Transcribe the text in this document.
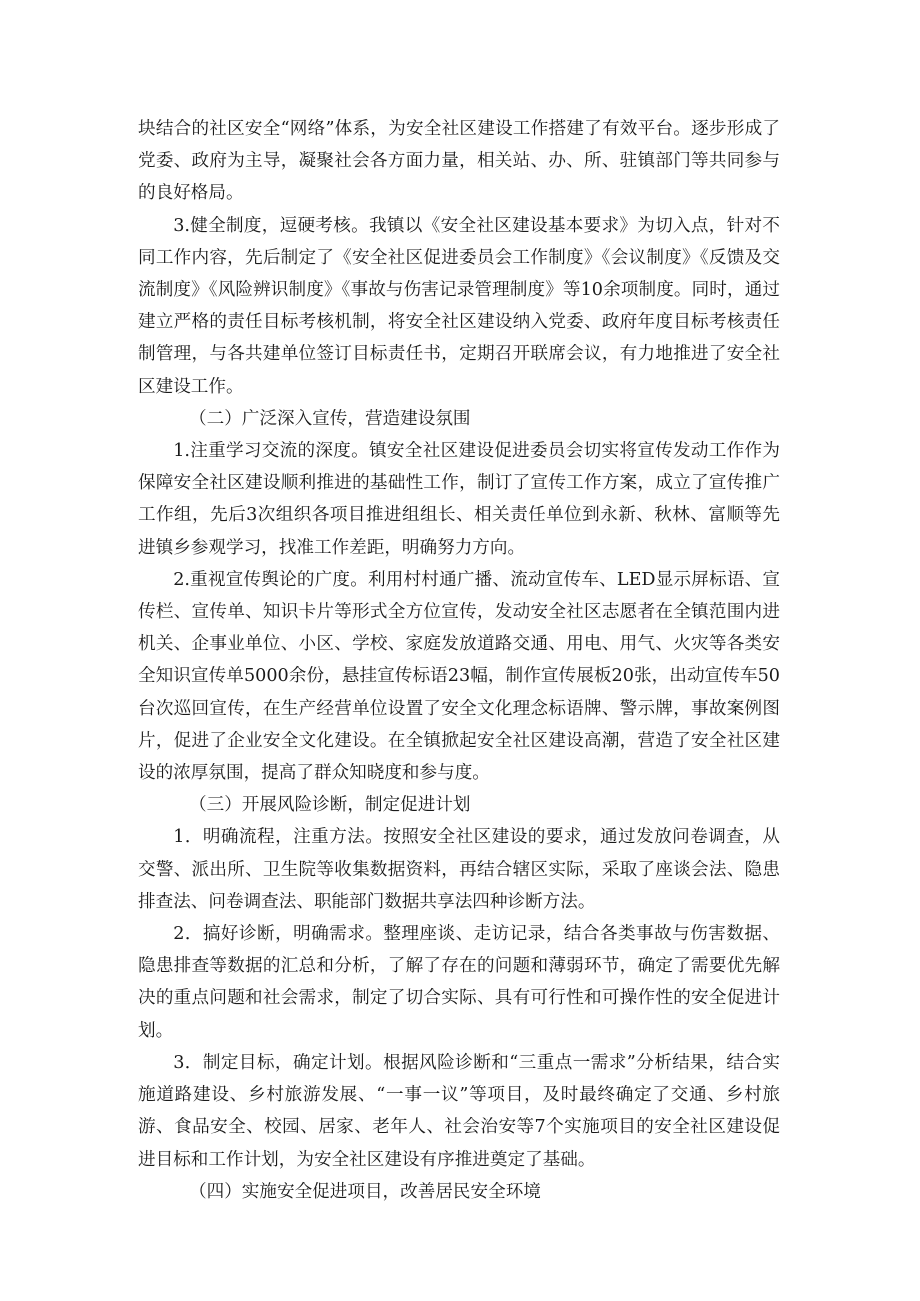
块结合的社区安全“网络”体系，为安全社区建设工作搭建了有效平台。逐步形成了党委、政府为主导，凝聚社会各方面力量，相关站、办、所、驻镇部门等共同参与的良好格局。

3.健全制度，逗硬考核。我镇以《安全社区建设基本要求》为切入点，针对不同工作内容，先后制定了《安全社区促进委员会工作制度》《会议制度》《反馈及交流制度》《风险辨识制度》《事故与伤害记录管理制度》等10余项制度。同时，通过建立严格的责任目标考核机制，将安全社区建设纳入党委、政府年度目标考核责任制管理，与各共建单位签订目标责任书，定期召开联席会议，有力地推进了安全社区建设工作。

（二）广泛深入宣传，营造建设氛围

1.注重学习交流的深度。镇安全社区建设促进委员会切实将宣传发动工作作为保障安全社区建设顺利推进的基础性工作，制订了宣传工作方案，成立了宣传推广工作组，先后3次组织各项目推进组组长、相关责任单位到永新、秋林、富顺等先进镇乡参观学习，找准工作差距，明确努力方向。

2.重视宣传舆论的广度。利用村村通广播、流动宣传车、LED显示屏标语、宣传栏、宣传单、知识卡片等形式全方位宣传，发动安全社区志愿者在全镇范围内进机关、企事业单位、小区、学校、家庭发放道路交通、用电、用气、火灾等各类安全知识宣传单5000余份，悬挂宣传标语23幅，制作宣传展板20张，出动宣传车50台次巡回宣传，在生产经营单位设置了安全文化理念标语牌、警示牌，事故案例图片，促进了企业安全文化建设。在全镇掀起安全社区建设高潮，营造了安全社区建设的浓厚氛围，提高了群众知晓度和参与度。

（三）开展风险诊断，制定促进计划

1．明确流程，注重方法。按照安全社区建设的要求，通过发放问卷调查，从交警、派出所、卫生院等收集数据资料，再结合辖区实际，采取了座谈会法、隐患排查法、问卷调查法、职能部门数据共享法四种诊断方法。

2．搞好诊断，明确需求。整理座谈、走访记录，结合各类事故与伤害数据、隐患排查等数据的汇总和分析，了解了存在的问题和薄弱环节，确定了需要优先解决的重点问题和社会需求，制定了切合实际、具有可行性和可操作性的安全促进计划。

3．制定目标，确定计划。根据风险诊断和“三重点一需求”分析结果，结合实施道路建设、乡村旅游发展、“一事一议”等项目，及时最终确定了交通、乡村旅游、食品安全、校园、居家、老年人、社会治安等7个实施项目的安全社区建设促进目标和工作计划，为安全社区建设有序推进奠定了基础。

（四）实施安全促进项目，改善居民安全环境
